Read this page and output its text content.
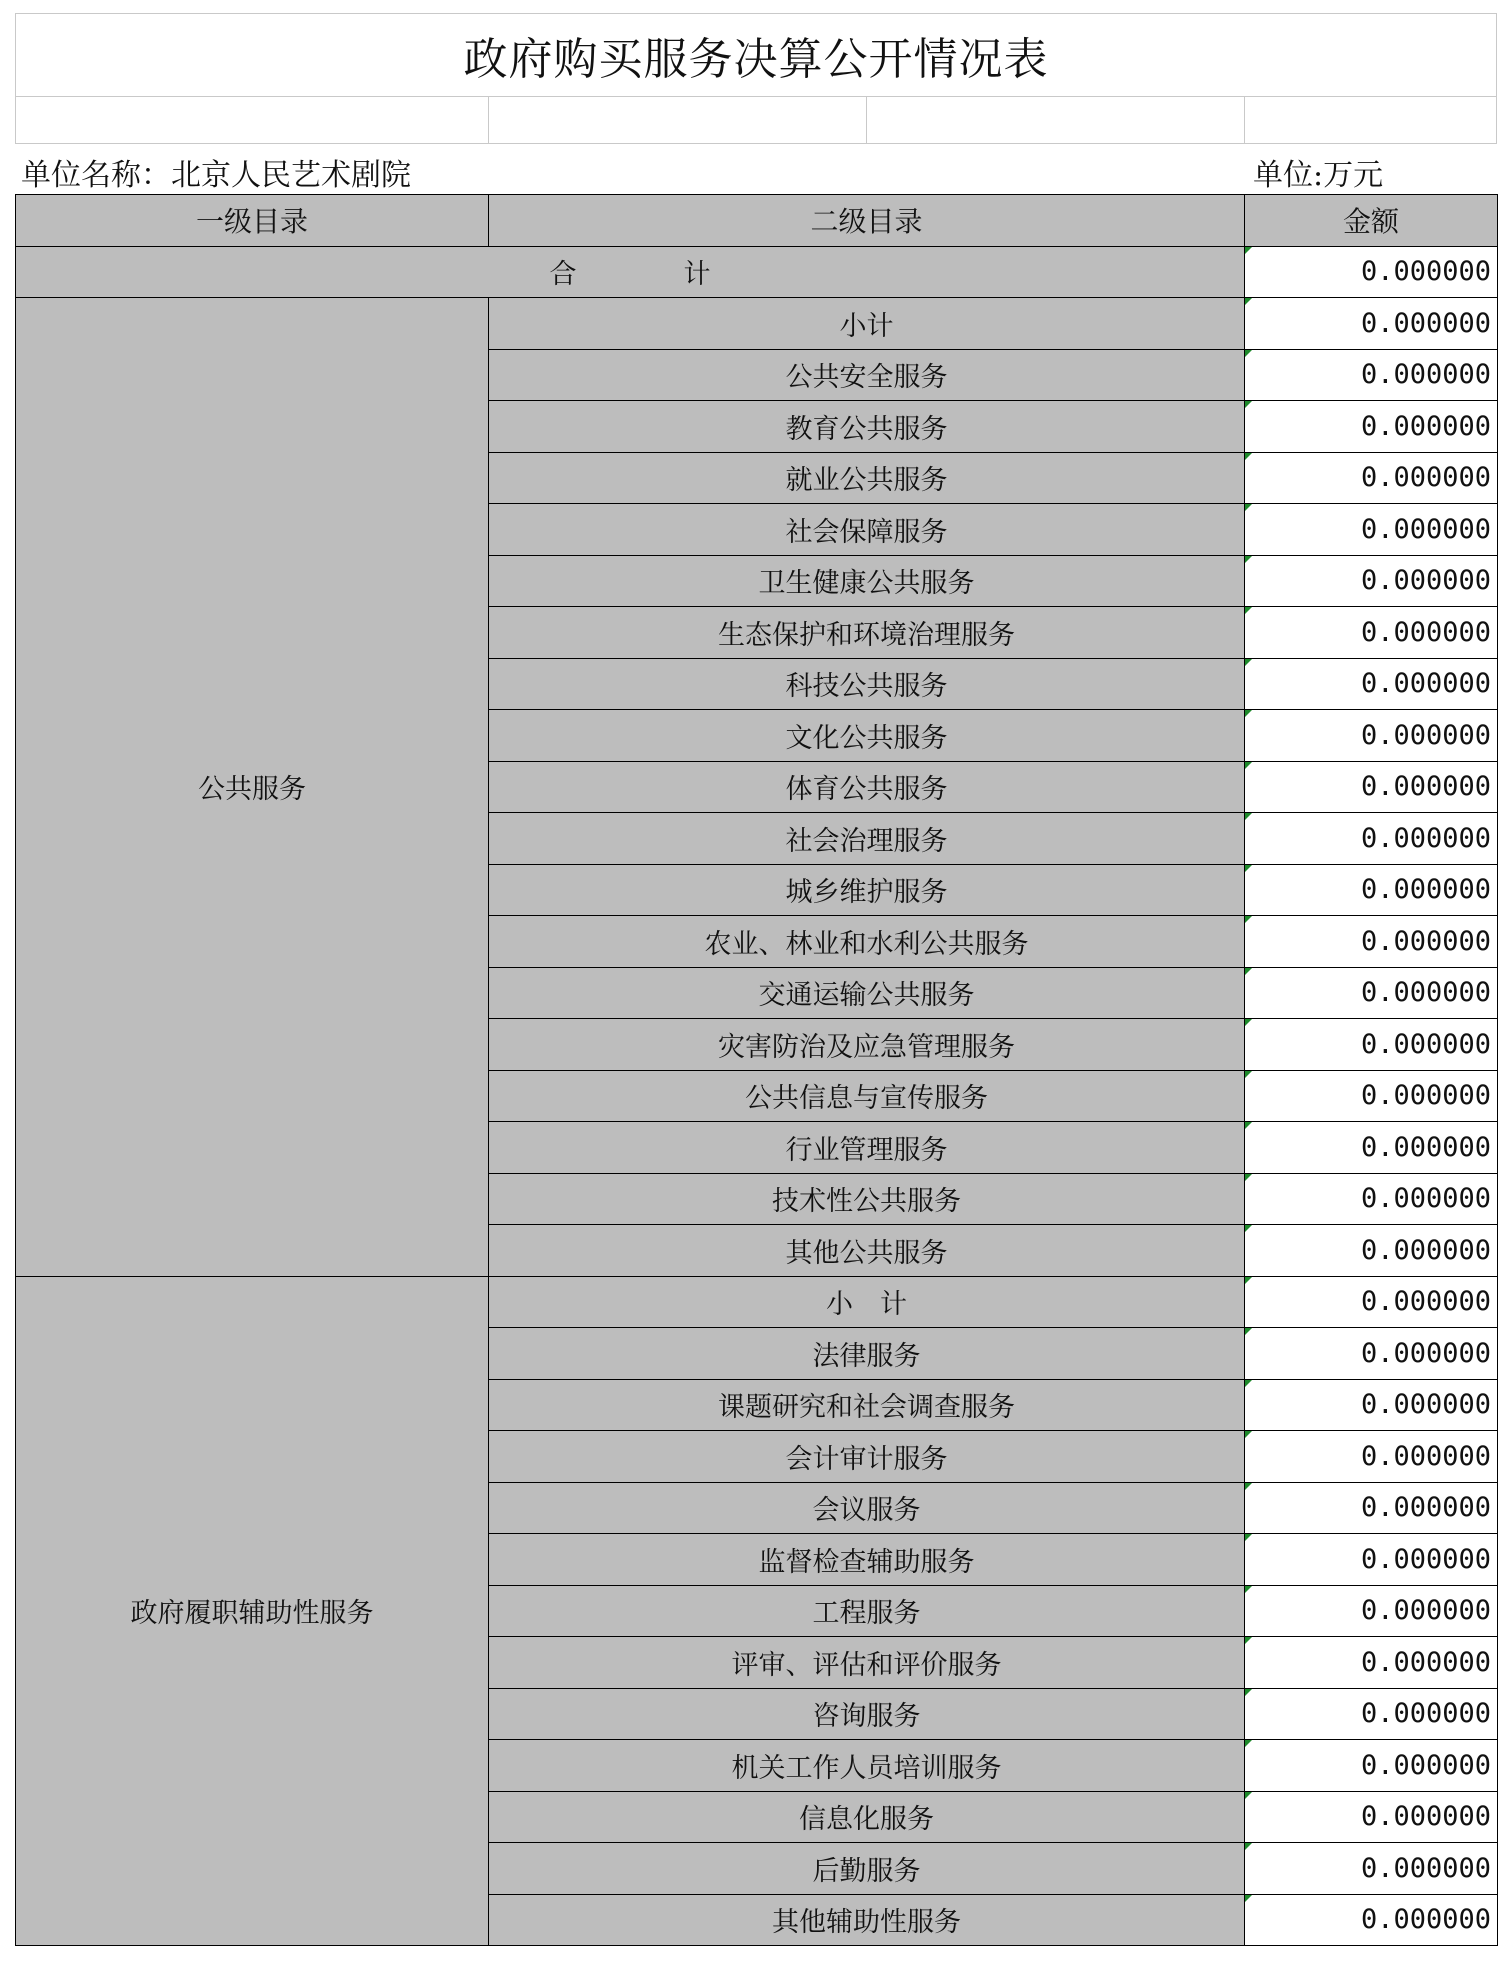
政府购买服务决算公开情况表
单位名称：北京人民艺术剧院	单位:万元
一级目录	二级目录	金额
合　计		0.000000
公共服务	小计	0.000000
	公共安全服务	0.000000
	教育公共服务	0.000000
	就业公共服务	0.000000
	社会保障服务	0.000000
	卫生健康公共服务	0.000000
	生态保护和环境治理服务	0.000000
	科技公共服务	0.000000
	文化公共服务	0.000000
	体育公共服务	0.000000
	社会治理服务	0.000000
	城乡维护服务	0.000000
	农业、林业和水利公共服务	0.000000
	交通运输公共服务	0.000000
	灾害防治及应急管理服务	0.000000
	公共信息与宣传服务	0.000000
	行业管理服务	0.000000
	技术性公共服务	0.000000
	其他公共服务	0.000000
政府履职辅助性服务	小　计	0.000000
	法律服务	0.000000
	课题研究和社会调查服务	0.000000
	会计审计服务	0.000000
	会议服务	0.000000
	监督检查辅助服务	0.000000
	工程服务	0.000000
	评审、评估和评价服务	0.000000
	咨询服务	0.000000
	机关工作人员培训服务	0.000000
	信息化服务	0.000000
	后勤服务	0.000000
	其他辅助性服务	0.000000
